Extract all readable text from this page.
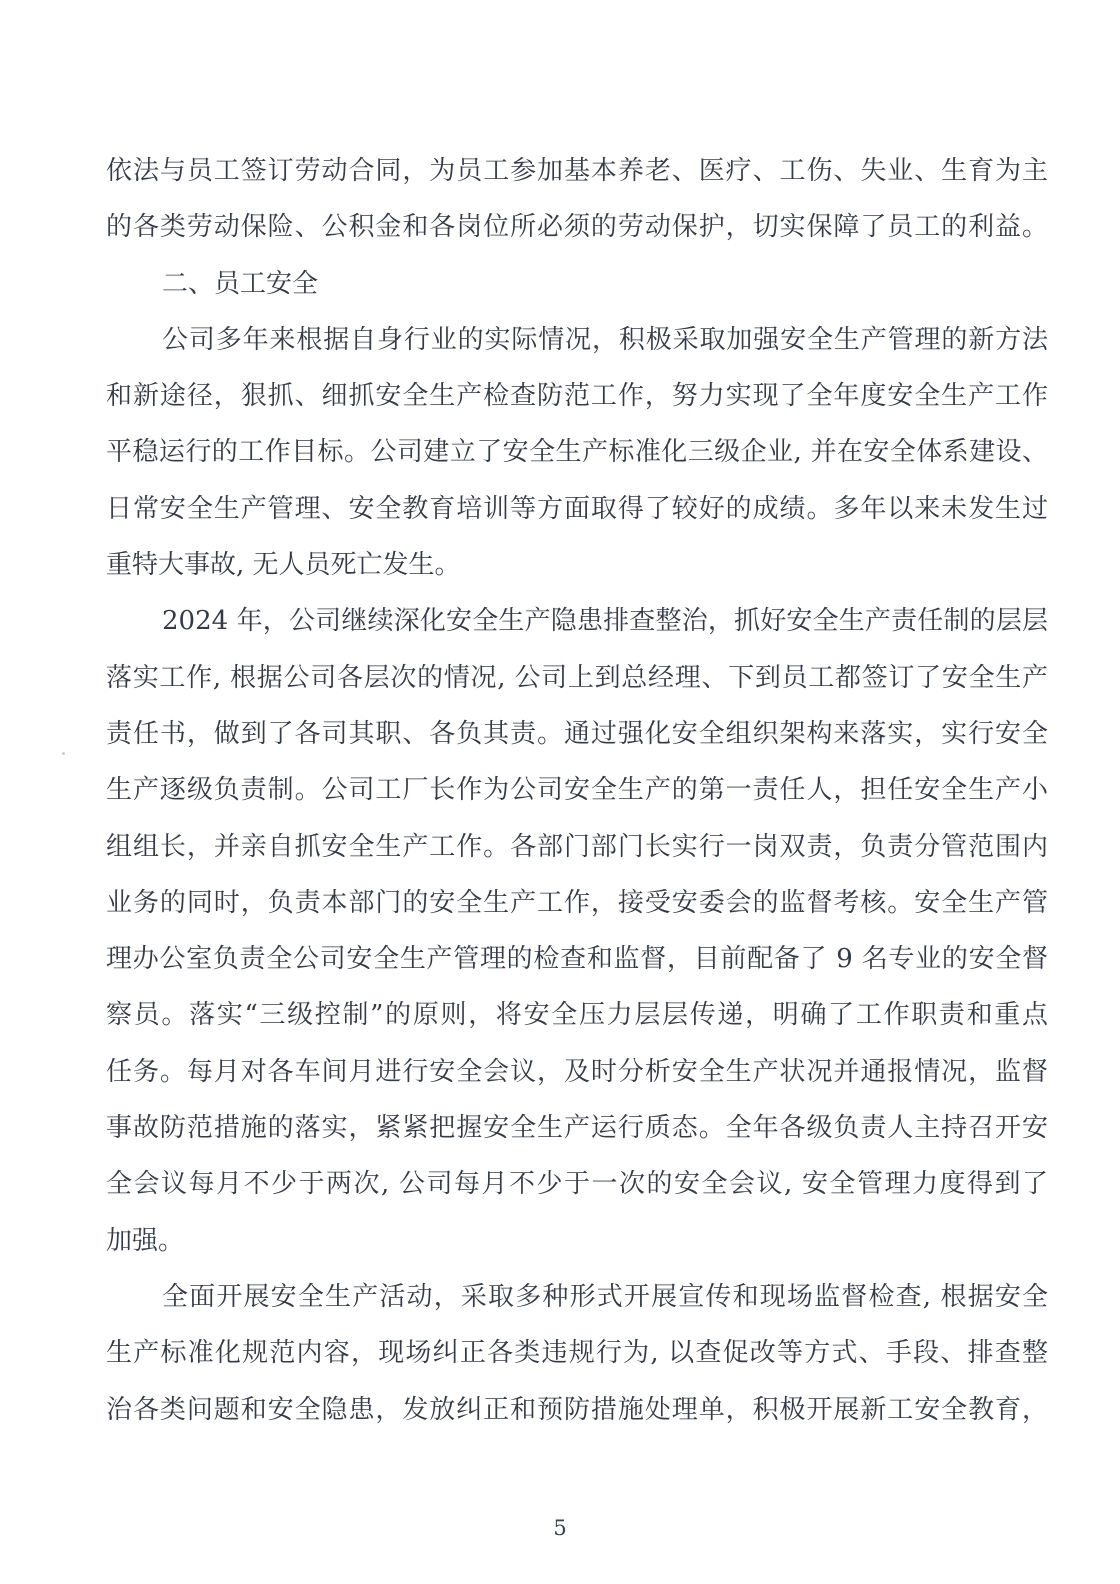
依法与员工签订劳动合同，为员工参加基本养老、医疗、工伤、失业、生育为主
的各类劳动保险、公积金和各岗位所必须的劳动保护，切实保障了员工的利益。
二、员工安全
公司多年来根据自身行业的实际情况，积极采取加强安全生产管理的新方法
和新途径，狠抓、细抓安全生产检查防范工作，努力实现了全年度安全生产工作
平稳运行的工作目标。公司建立了安全生产标准化三级企业, 并在安全体系建设、
日常安全生产管理、安全教育培训等方面取得了较好的成绩。多年以来未发生过
重特大事故, 无人员死亡发生。
2024 年，公司继续深化安全生产隐患排查整治，抓好安全生产责任制的层层
落实工作, 根据公司各层次的情况, 公司上到总经理、下到员工都签订了安全生产
责任书，做到了各司其职、各负其责。通过强化安全组织架构来落实，实行安全
生产逐级负责制。公司工厂长作为公司安全生产的第一责任人，担任安全生产小
组组长，并亲自抓安全生产工作。各部门部门长实行一岗双责，负责分管范围内
业务的同时，负责本部门的安全生产工作，接受安委会的监督考核。安全生产管
理办公室负责全公司安全生产管理的检查和监督，目前配备了 9 名专业的安全督
察员。落实“三级控制”的原则，将安全压力层层传递，明确了工作职责和重点
任务。每月对各车间月进行安全会议，及时分析安全生产状况并通报情况，监督
事故防范措施的落实，紧紧把握安全生产运行质态。全年各级负责人主持召开安
全会议每月不少于两次, 公司每月不少于一次的安全会议, 安全管理力度得到了
加强。
全面开展安全生产活动，采取多种形式开展宣传和现场监督检查, 根据安全
生产标准化规范内容，现场纠正各类违规行为, 以查促改等方式、手段、排查整
治各类问题和安全隐患，发放纠正和预防措施处理单，积极开展新工安全教育，
5
